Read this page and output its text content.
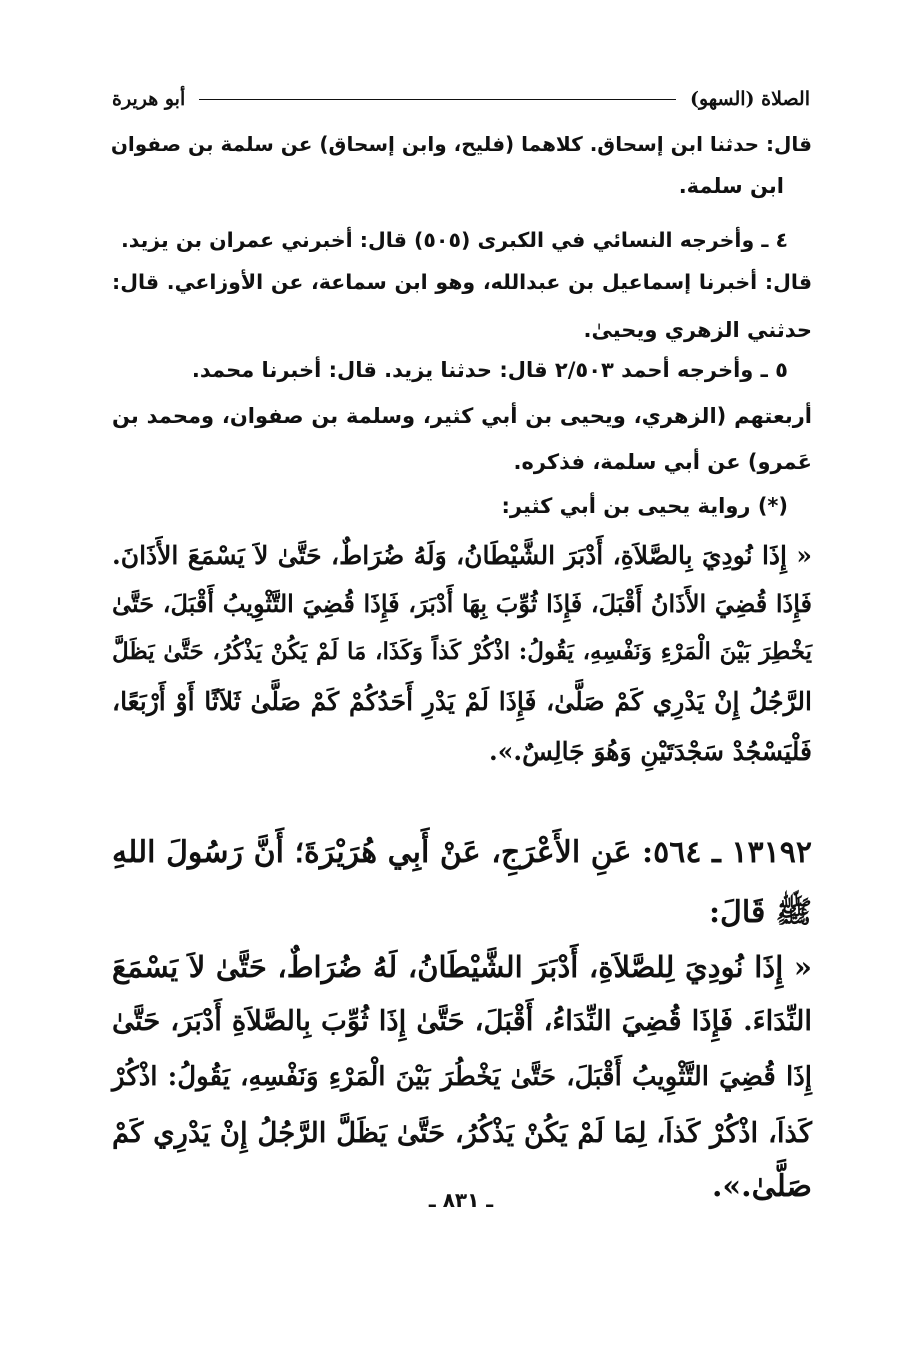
الصلاة (السهو)
أبو هريرة
قال: حدثنا ابن إسحاق. كلاهما (فليح، وابن إسحاق) عن سلمة بن صفوان
ابن سلمة.
٤ ـ وأخرجه النسائي في الكبرى (٥٠٥) قال: أخبرني عمران بن يزيد.
قال: أخبرنا إسماعيل بن عبدالله، وهو ابن سماعة، عن الأوزاعي. قال:
حدثني الزهري ويحيىٰ.
٥ ـ وأخرجه أحمد ٢/٥٠٣ قال: حدثنا يزيد. قال: أخبرنا محمد.
أربعتهم (الزهري، ويحيى بن أبي كثير، وسلمة بن صفوان، ومحمد بن
عَمرو) عن أبي سلمة، فذكره.
(*) رواية يحيى بن أبي كثير:
« إِذَا نُودِيَ بِالصَّلاَةِ، أَدْبَرَ الشَّيْطَانُ، وَلَهُ ضُرَاطٌ، حَتَّىٰ لاَ يَسْمَعَ الأَذَانَ.
فَإِذَا قُضِيَ الأَذَانُ أَقْبَلَ، فَإِذَا ثُوِّبَ بِهَا أَدْبَرَ، فَإِذَا قُضِيَ التَّثْوِيبُ أَقْبَلَ، حَتَّىٰ
يَخْطِرَ بَيْنَ الْمَرْءِ وَنَفْسِهِ، يَقُولُ: اذْكُرْ كَذاً وَكَذَا، مَا لَمْ يَكُنْ يَذْكُرُ، حَتَّىٰ يَظَلَّ
الرَّجُلُ إِنْ يَدْرِي كَمْ صَلَّىٰ، فَإِذَا لَمْ يَدْرِ أَحَدُكُمْ كَمْ صَلَّىٰ ثَلاَثًا أَوْ أَرْبَعًا،
فَلْيَسْجُدْ سَجْدَتَيْنِ وَهُوَ جَالِسٌ.».
١٣١٩٢ ـ ٥٦٤: عَنِ الأَعْرَجِ، عَنْ أَبِي هُرَيْرَةَ؛ أَنَّ رَسُولَ اللهِ
ﷺ قَالَ:
« إِذَا نُودِيَ لِلصَّلاَةِ، أَدْبَرَ الشَّيْطَانُ، لَهُ ضُرَاطٌ، حَتَّىٰ لاَ يَسْمَعَ
النِّدَاءَ. فَإِذَا قُضِيَ النِّدَاءُ، أَقْبَلَ، حَتَّىٰ إِذَا ثُوِّبَ بِالصَّلاَةِ أَدْبَرَ، حَتَّىٰ
إِذَا قُضِيَ التَّثْوِيبُ أَقْبَلَ، حَتَّىٰ يَخْطُرَ بَيْنَ الْمَرْءِ وَنَفْسِهِ، يَقُولُ: اذْكُرْ
كَذاَ، اذْكُرْ كَذاَ، لِمَا لَمْ يَكُنْ يَذْكُرُ، حَتَّىٰ يَظَلَّ الرَّجُلُ إِنْ يَدْرِي كَمْ
صَلَّىٰ.».
ـ ٨٣١ ـ
